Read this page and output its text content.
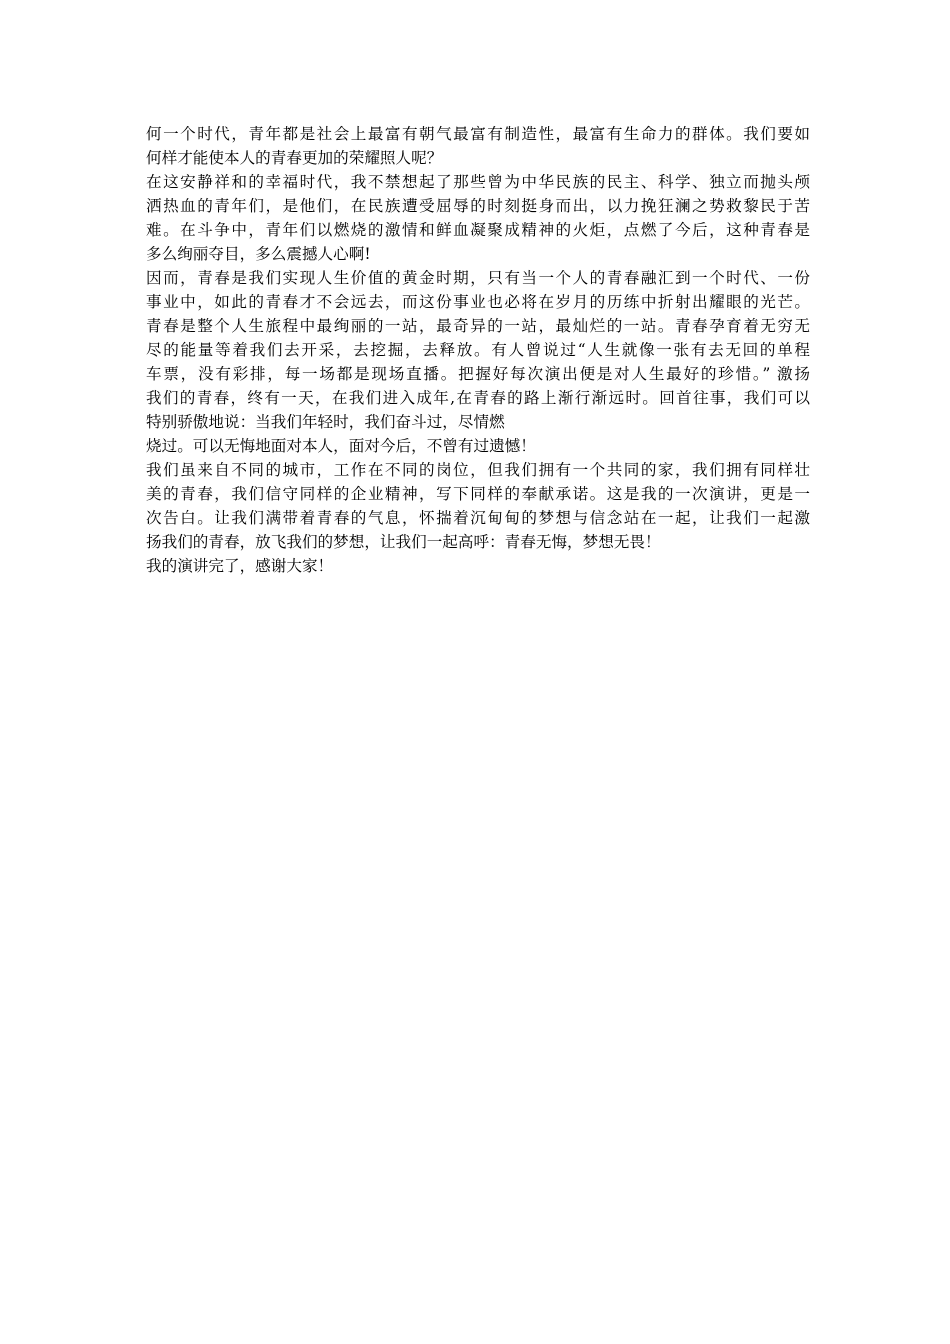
何一个时代，青年都是社会上最富有朝气最富有制造性，最富有生命力的群体。我们要如
何样才能使本人的青春更加的荣耀照人呢？
在这安静祥和的幸福时代，我不禁想起了那些曾为中华民族的民主、科学、独立而抛头颅
洒热血的青年们，是他们，在民族遭受屈辱的时刻挺身而出，以力挽狂澜之势救黎民于苦
难。在斗争中，青年们以燃烧的激情和鲜血凝聚成精神的火炬，点燃了今后，这种青春是
多么绚丽夺目，多么震撼人心啊!
因而，青春是我们实现人生价值的黄金时期，只有当一个人的青春融汇到一个时代、一份
事业中，如此的青春才不会远去，而这份事业也必将在岁月的历练中折射出耀眼的光芒。
青春是整个人生旅程中最绚丽的一站，最奇异的一站，最灿烂的一站。青春孕育着无穷无
尽的能量等着我们去开采，去挖掘，去释放。有人曾说过“人生就像一张有去无回的单程
车票，没有彩排，每一场都是现场直播。把握好每次演出便是对人生最好的珍惜。” 激扬
我们的青春，终有一天，在我们进入成年,在青春的路上渐行渐远时。回首往事，我们可以
特别骄傲地说：当我们年轻时，我们奋斗过，尽情燃
烧过。可以无悔地面对本人，面对今后，不曾有过遗憾！
我们虽来自不同的城市，工作在不同的岗位，但我们拥有一个共同的家，我们拥有同样壮
美的青春，我们信守同样的企业精神，写下同样的奉献承诺。这是我的一次演讲，更是一
次告白。让我们满带着青春的气息，怀揣着沉甸甸的梦想与信念站在一起，让我们一起激
扬我们的青春，放飞我们的梦想，让我们一起高呼：青春无悔，梦想无畏！
我的演讲完了，感谢大家！
